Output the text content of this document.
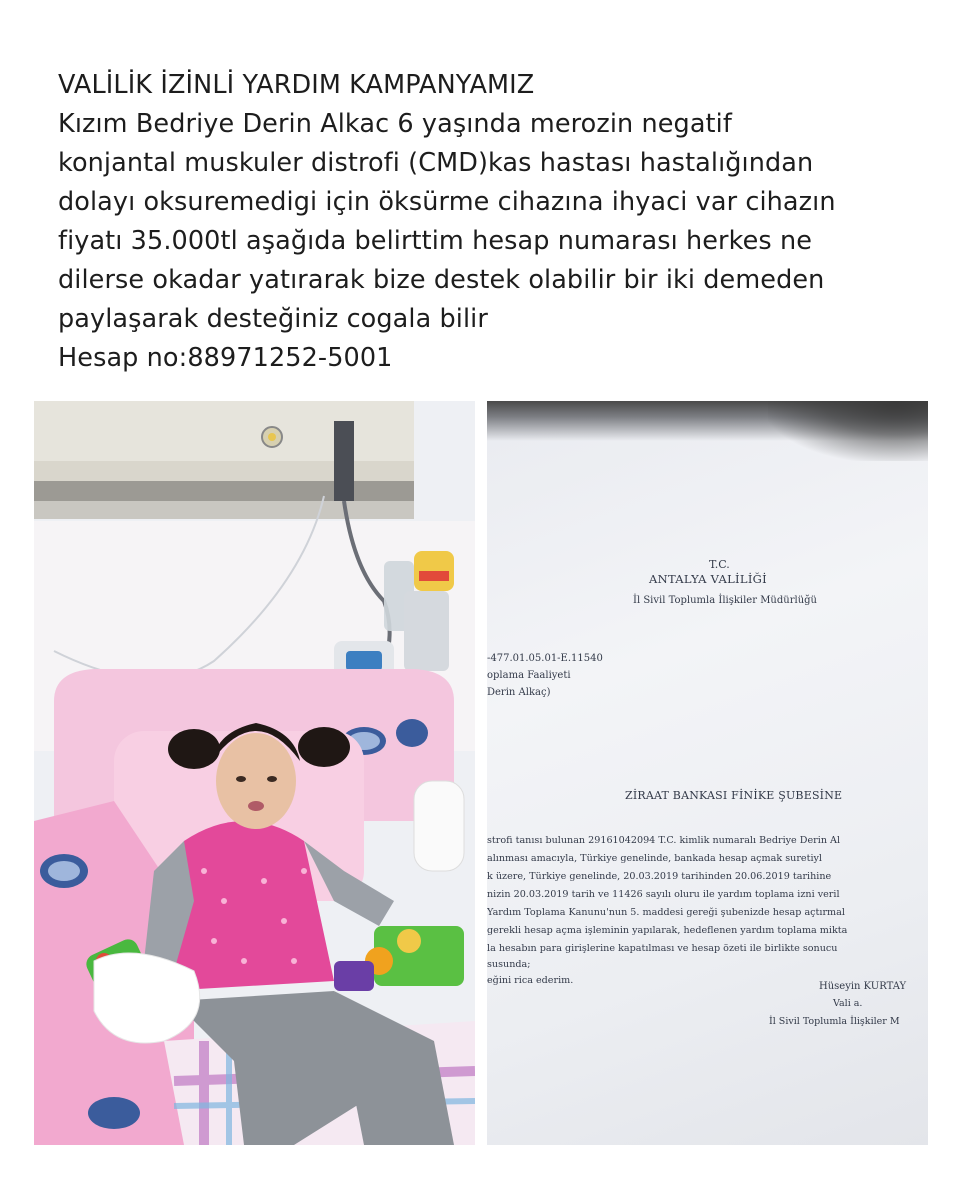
VALİLİK İZİNLİ YARDIM KAMPANYAMIZ
Kızım Bedriye Derin Alkac 6 yaşında merozin negatif
konjantal muskuler distrofi (CMD)kas hastası hastalığından
dolayı oksuremedigi için öksürme cihazına ihyaci var cihazın
fiyatı 35.000tl aşağıda belirttim hesap numarası herkes ne
dilerse okadar yatırarak bize destek olabilir bir iki demeden
paylaşarak desteğiniz cogala bilir
Hesap no:88971252-5001
T.C.
ANTALYA VALİLİĞİ
İl Sivil Toplumla İlişkiler Müdürlüğü
-477.01.05.01-E.11540
oplama Faaliyeti
Derin Alkaç)
ZİRAAT BANKASI FİNİKE ŞUBESİNE
strofi tanısı bulunan 29161042094 T.C. kimlik numaralı Bedriye Derin Al
alınması amacıyla, Türkiye genelinde, bankada hesap açmak suretiyl
k üzere, Türkiye genelinde, 20.03.2019 tarihinden 20.06.2019 tarihine
nizin 20.03.2019 tarih ve 11426 sayılı oluru ile yardım toplama izni veril
Yardım Toplama Kanunu'nun 5. maddesi gereği şubenizde hesap açtırmal
gerekli hesap açma işleminin yapılarak, hedeflenen yardım toplama mikta
la hesabın para girişlerine kapatılması ve hesap özeti ile birlikte sonucu
susunda;
eğini rica ederim.
Hüseyin KURTAY
Vali a.
İl Sivil Toplumla İlişkiler M
